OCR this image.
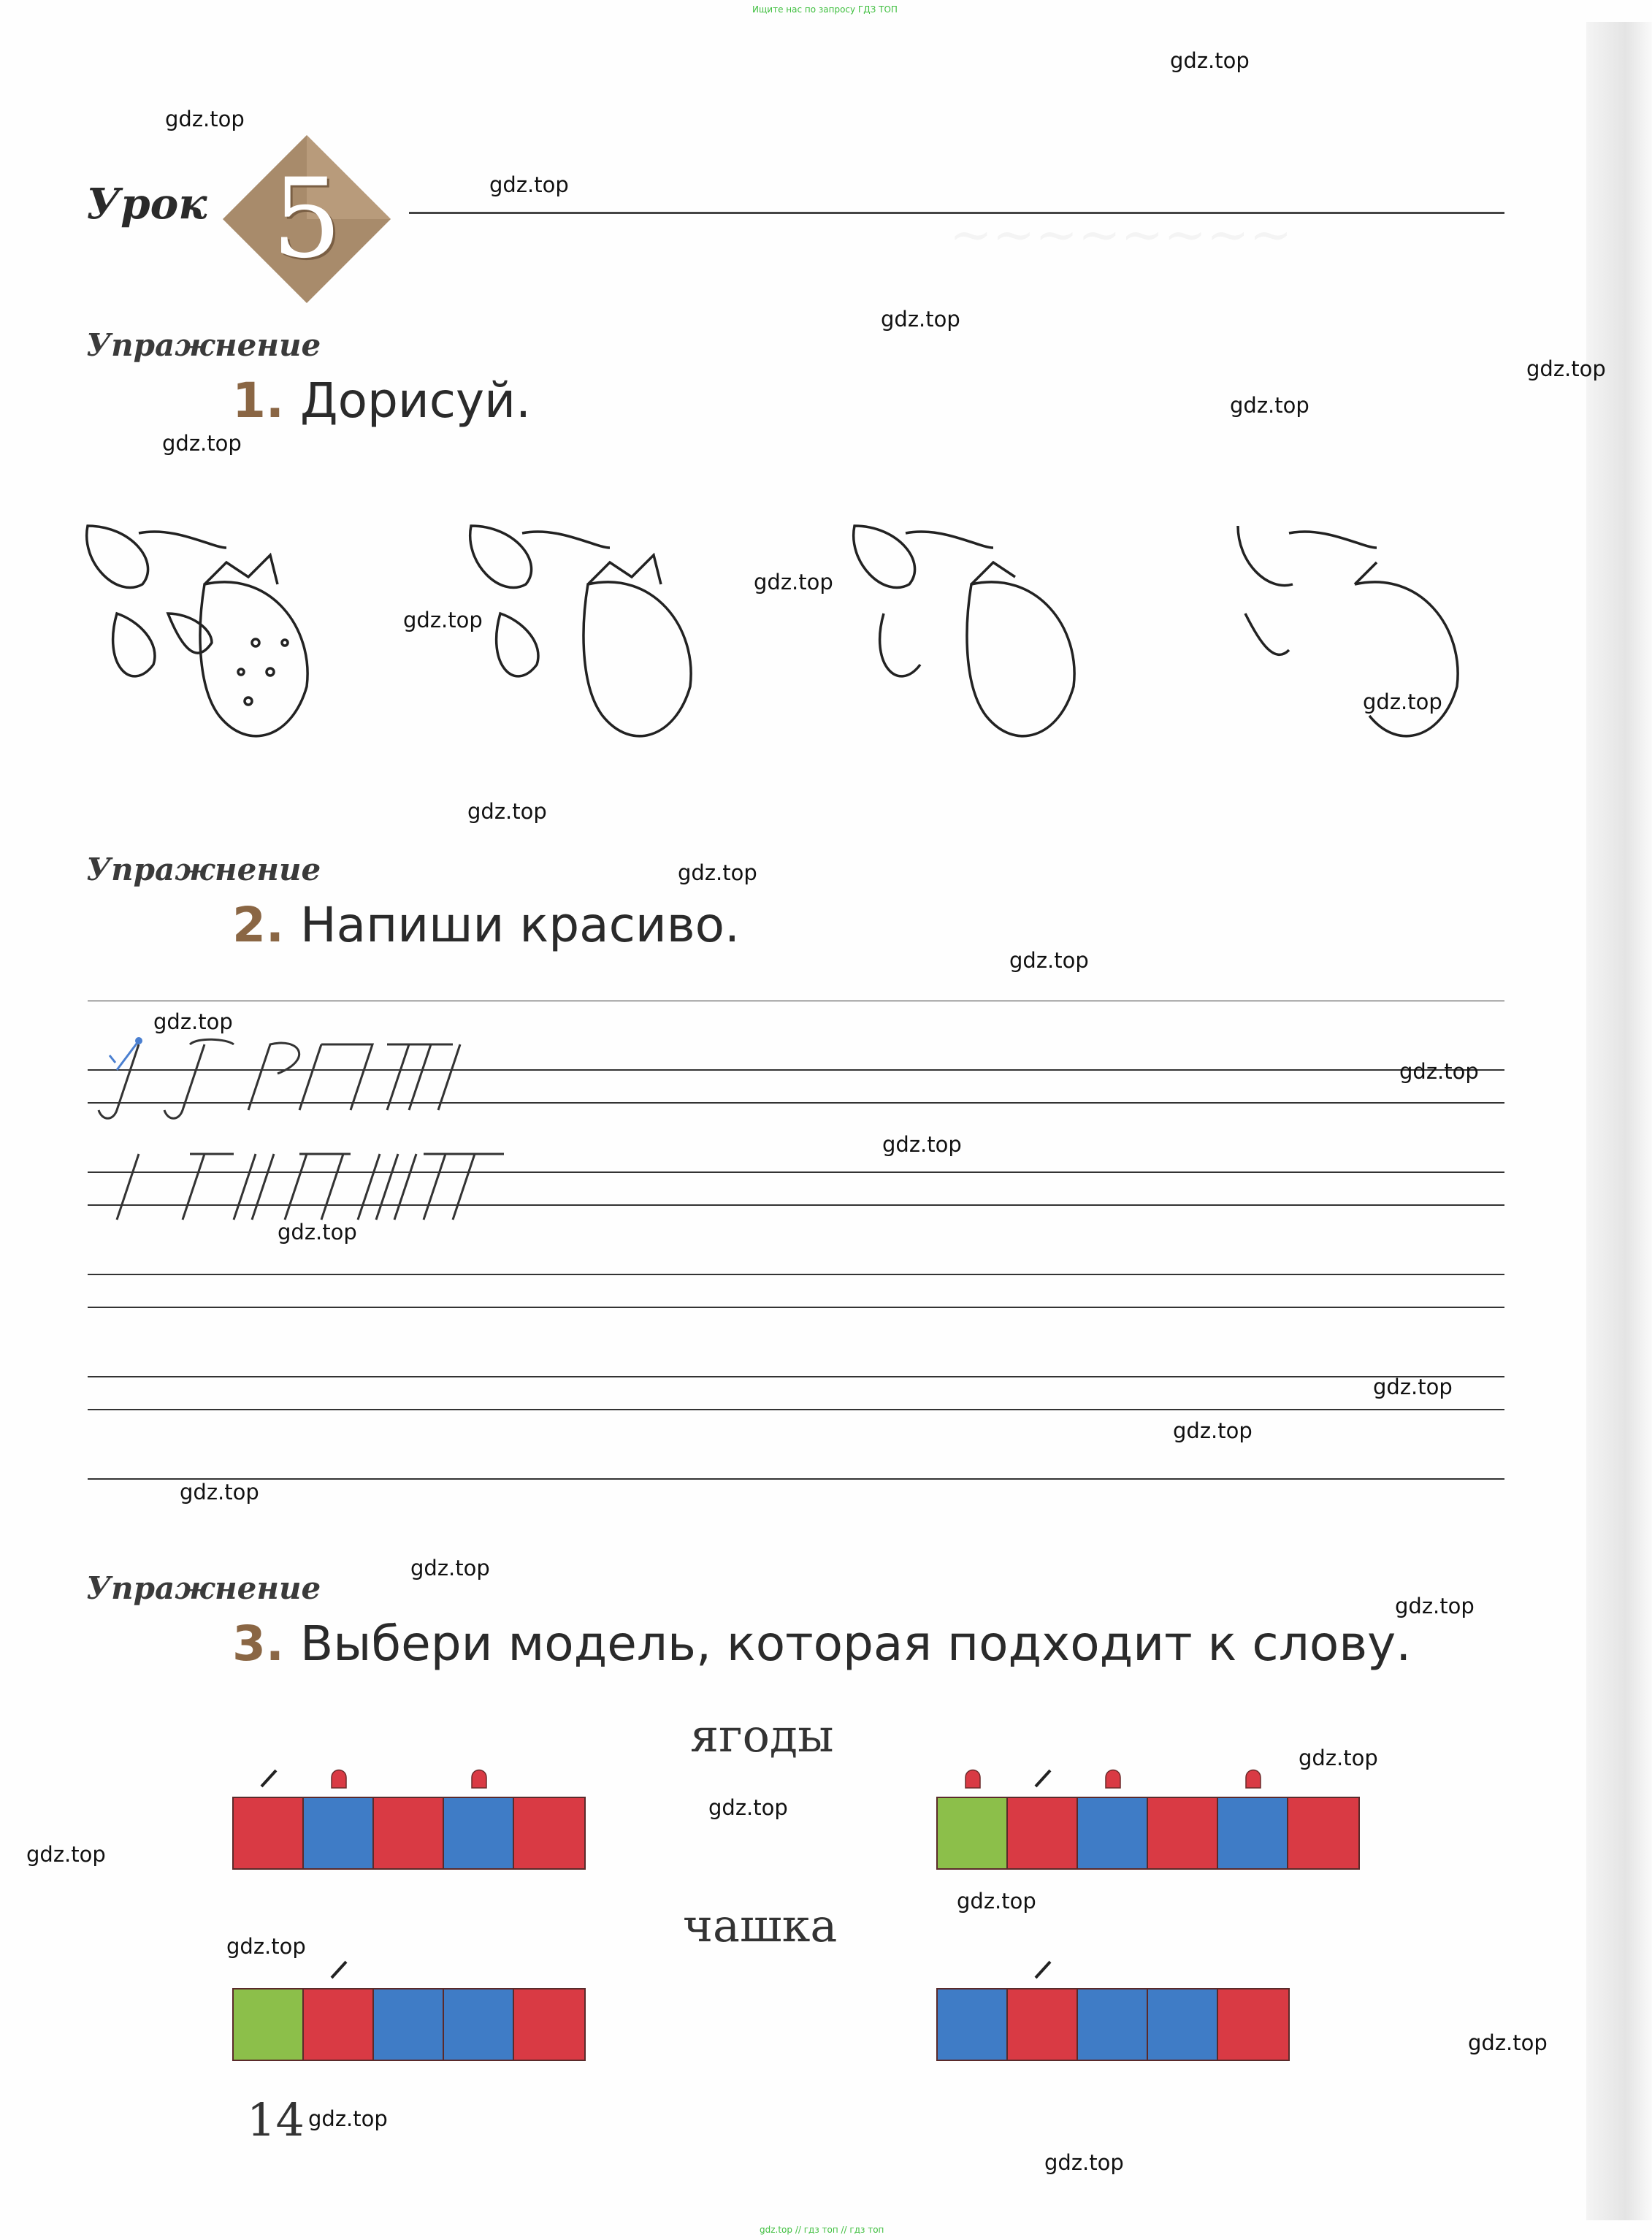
~~~~~~~~
Ищите нас по запросу ГДЗ ТОП
Урок 5
Упражнение
1. Дорисуй.
Упражнение
2. Напиши красиво.
Упражнение
3. Выбери модель, которая подходит к слову.
ягоды
чашка
14
gdz.top // гдз топ // гдз топ
gdz.top
gdz.top
gdz.top
gdz.top
gdz.top
gdz.top
gdz.top
gdz.top
gdz.top
gdz.top
gdz.top
gdz.top
gdz.top
gdz.top
gdz.top
gdz.top
gdz.top
gdz.top
gdz.top
gdz.top
gdz.top
gdz.top
gdz.top
gdz.top
gdz.top
gdz.top
gdz.top
gdz.top
gdz.top
gdz.top
